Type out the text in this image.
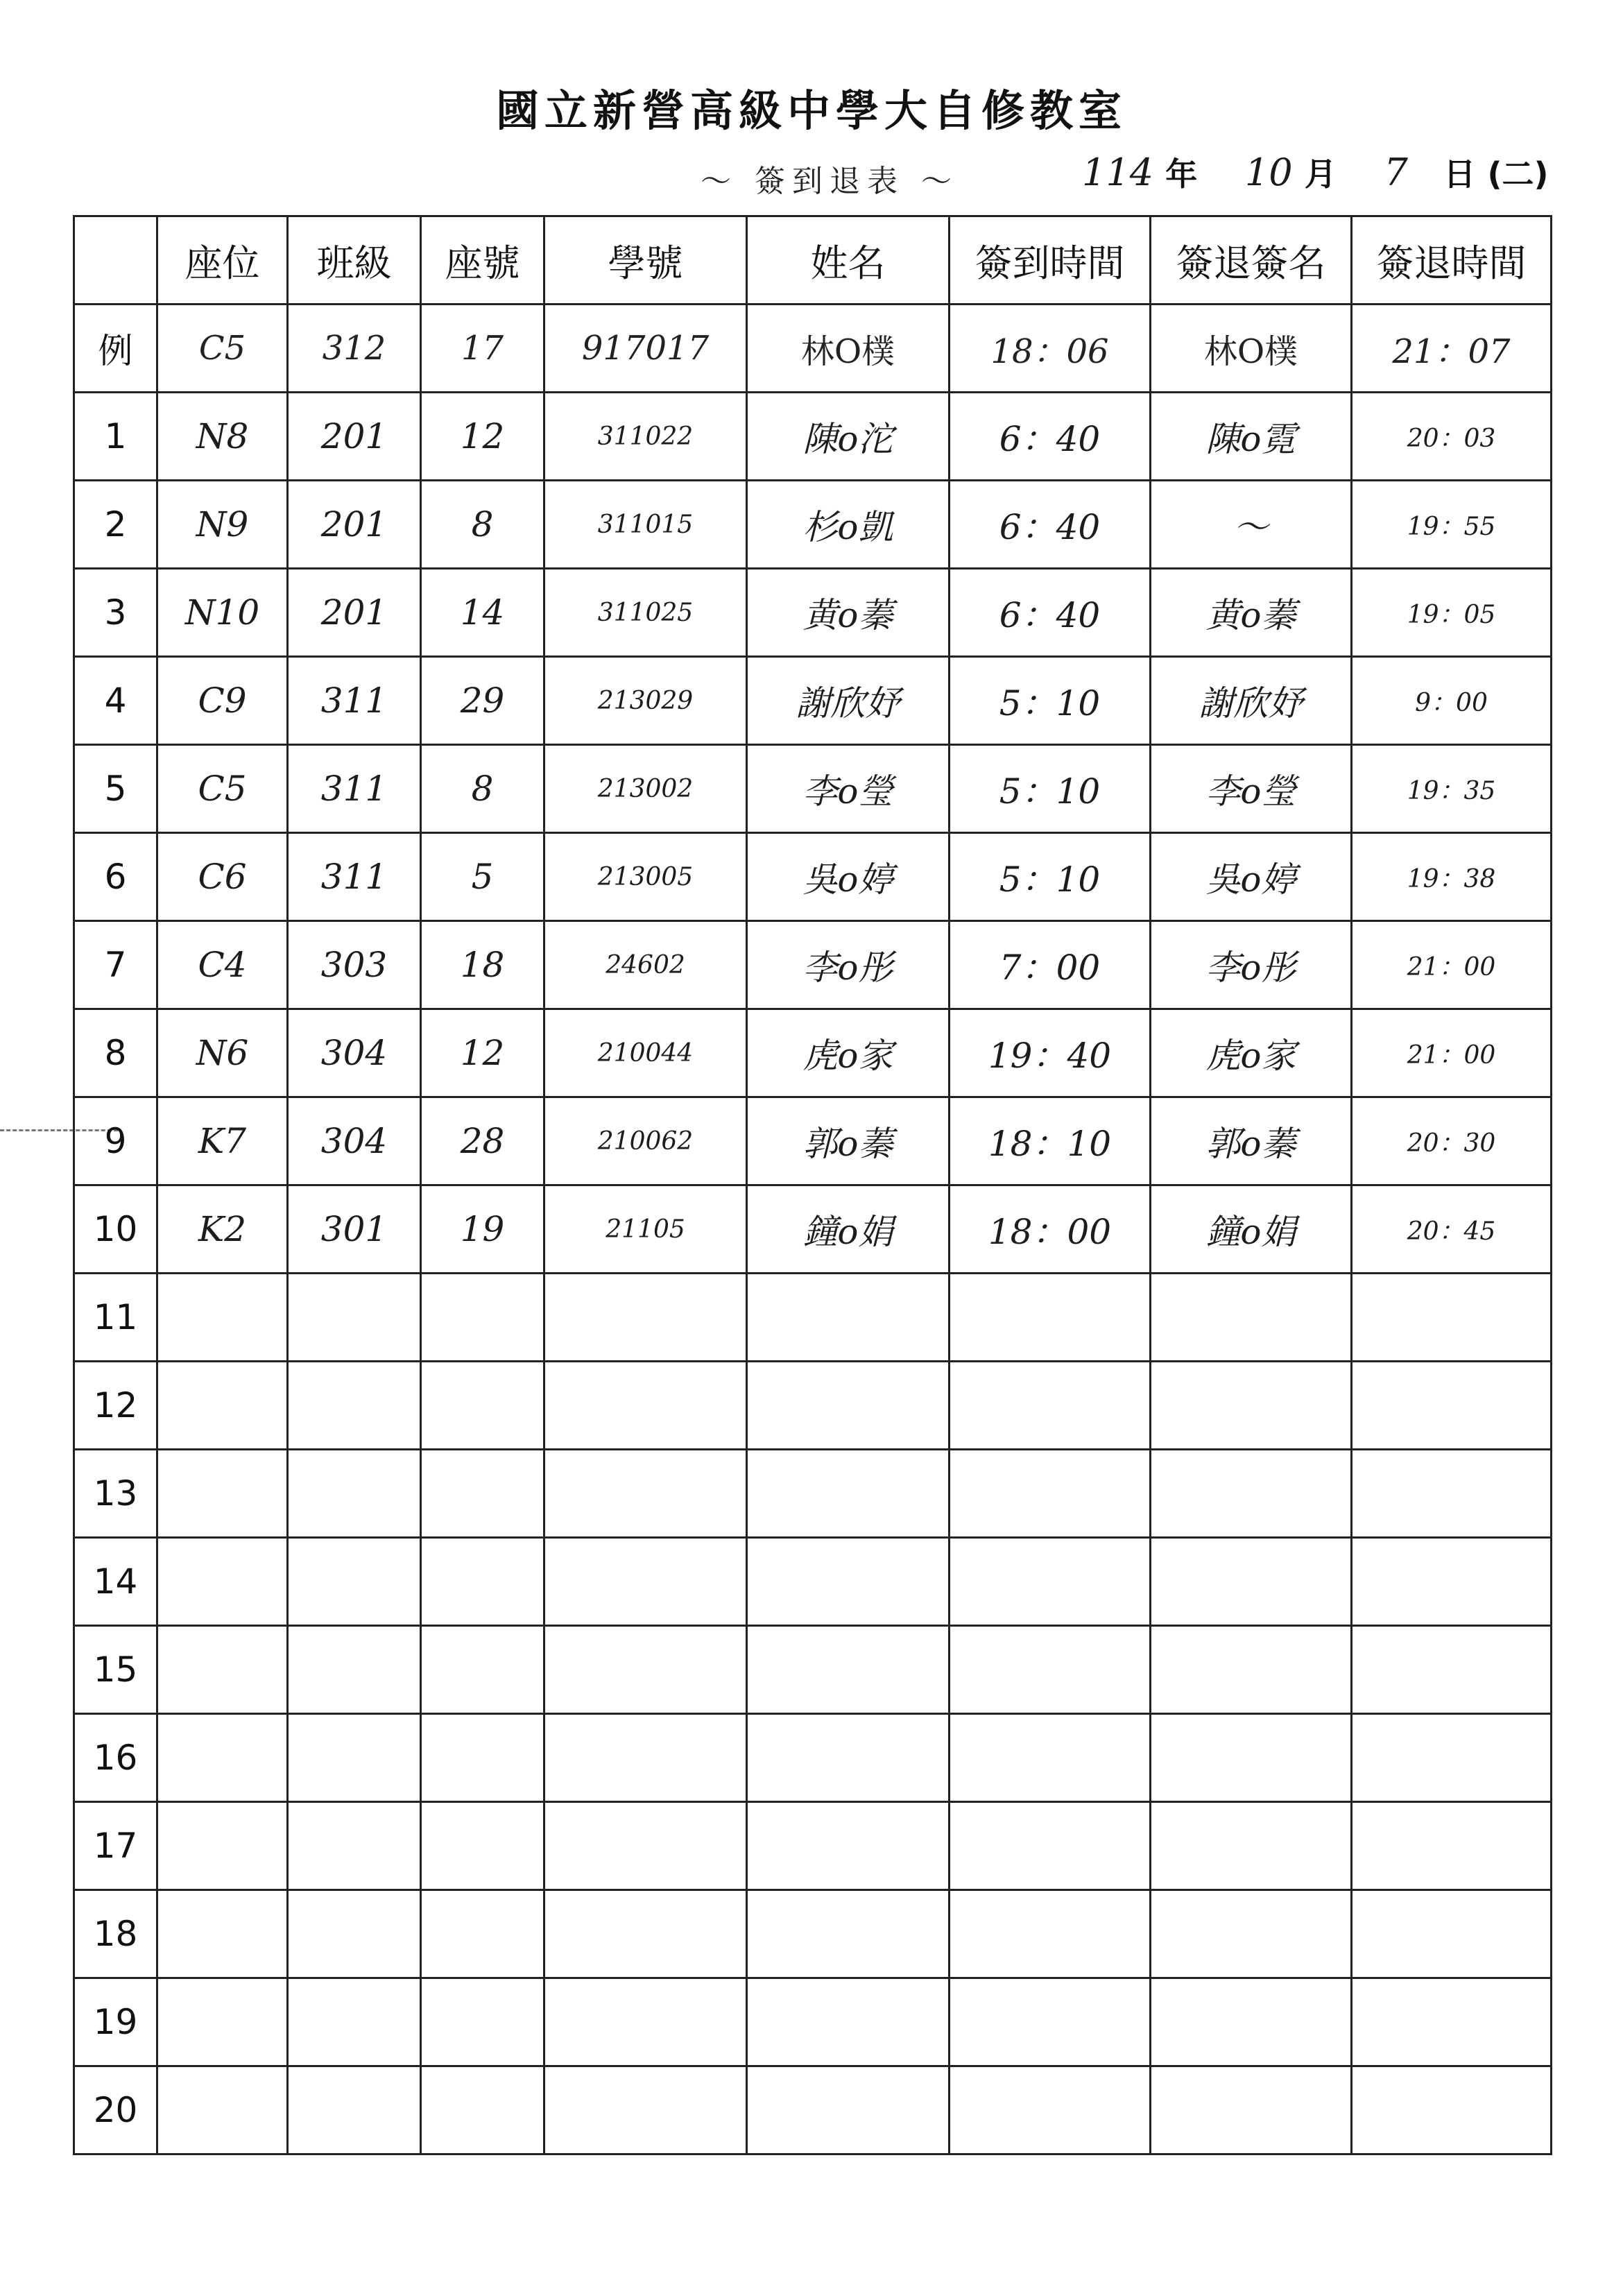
國立新營高級中學大自修教室
～ 簽到退表 ～	114 年 10 月 7 日 (二)
	座位	班級	座號	學號	姓名	簽到時間	簽退簽名	簽退時間
例	C5	312	17	917017	林O樸	18：06	林O樸	21：07
1	N8	201	12	311022	陳o沱	6：40	陳o霓	20：03
2	N9	201	8	311015	杉o凱	6：40	～	19：55
3	N10	201	14	311025	黄o蓁	6：40	黄o蓁	19：05
4	C9	311	29	213029	謝欣妤	5：10	謝欣妤	9：00
5	C5	311	8	213002	李o瑩	5：10	李o瑩	19：35
6	C6	311	5	213005	吳o婷	5：10	吳o婷	19：38
7	C4	303	18	24602	李o彤	7：00	李o彤	21：00
8	N6	304	12	210044	虎o家	19：40	虎o家	21：00
9	K7	304	28	210062	郭o蓁	18：10	郭o蓁	20：30
10	K2	301	19	21105	鐘o娟	18：00	鐘o娟	20：45
11								
12								
13								
14								
15								
16								
17								
18								
19								
20								
